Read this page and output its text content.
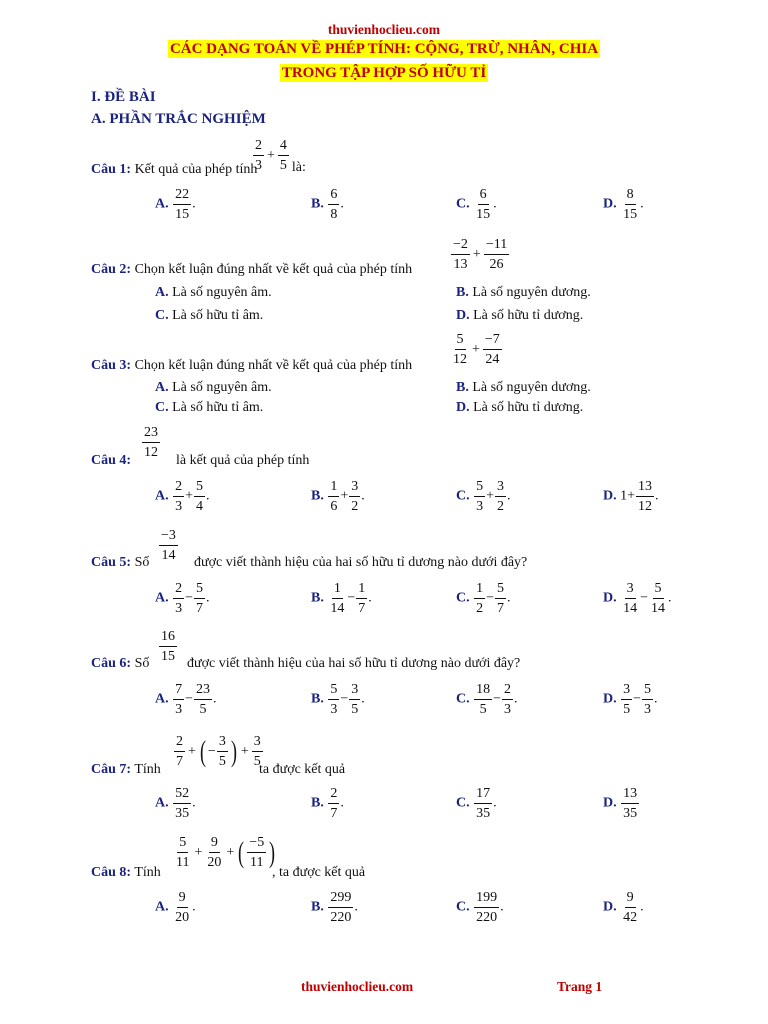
thuvienhoclieu.com
CÁC DẠNG TOÁN VỀ PHÉP TÍNH: CỘNG, TRỪ, NHÂN, CHIA
TRONG TẬP HỢP SỐ HỮU TỈ
I. ĐỀ BÀI
A. PHẦN TRẮC NGHIỆM
Câu 1: Kết quả của phép tính
$\frac{2}{3} + \frac{4}{5}$ là:
A. $\frac{22}{15}$ .	B. $\frac{6}{8}$ .	C. $\frac{6}{15}$ .	D. $\frac{8}{15}$ .
Câu 2: Chọn kết luận đúng nhất về kết quả của phép tính	$\frac{-2}{13} + \frac{-11}{26}$
A. Là số nguyên âm.	B. Là số nguyên dương.
C. Là số hữu tỉ âm.	D. Là số hữu tỉ dương.
Câu 3: Chọn kết luận đúng nhất về kết quả của phép tính	$\frac{5}{12} + \frac{-7}{24}$
A. Là số nguyên âm.	B. Là số nguyên dương.
C. Là số hữu tỉ âm.	D. Là số hữu tỉ dương.
Câu 4: $\frac{23}{12}$ là kết quả của phép tính
A. $\frac{2}{3} + \frac{5}{4}$ .	B. $\frac{1}{6} + \frac{3}{2}$ .	C. $\frac{5}{3} + \frac{3}{2}$ .	D. $1+ \frac{13}{12}$ .
Câu 5: Số $\frac{-3}{14}$ được viết thành hiệu của hai số hữu tỉ dương nào dưới đây?
A. $\frac{2}{3} - \frac{5}{7}$ .	B. $\frac{1}{14} - \frac{1}{7}$ .	C. $\frac{1}{2} - \frac{5}{7}$ .	D. $\frac{3}{14} - \frac{5}{14}$ .
Câu 6: Số $\frac{16}{15}$ được viết thành hiệu của hai số hữu tỉ dương nào dưới đây?
A. $\frac{7}{3} - \frac{23}{5}$ .	B. $\frac{5}{3} - \frac{3}{5}$ .	C. $\frac{18}{5} - \frac{2}{3}$ .	D. $\frac{3}{5} - \frac{5}{3}$ .
Câu 7: Tính $\frac{2}{7}$ + ( − $\frac{3}{5}$ ) + $\frac{3}{5}$
ta được kết quả
A. $\frac{52}{35}$ .	B. $\frac{2}{7}$ .	C. $\frac{17}{35}$ .	D. $\frac{13}{35}$
Câu 8: Tính
$\frac{5}{11} + \frac{9}{20}$ + ( $\frac{-5}{11}$ )
, ta được kết quả
A. $\frac{9}{20}$ .	B. $\frac{299}{220}$ .	C. $\frac{199}{220}$ .	D. $\frac{9}{42}$ .
thuvienhoclieu.com	Trang 1
